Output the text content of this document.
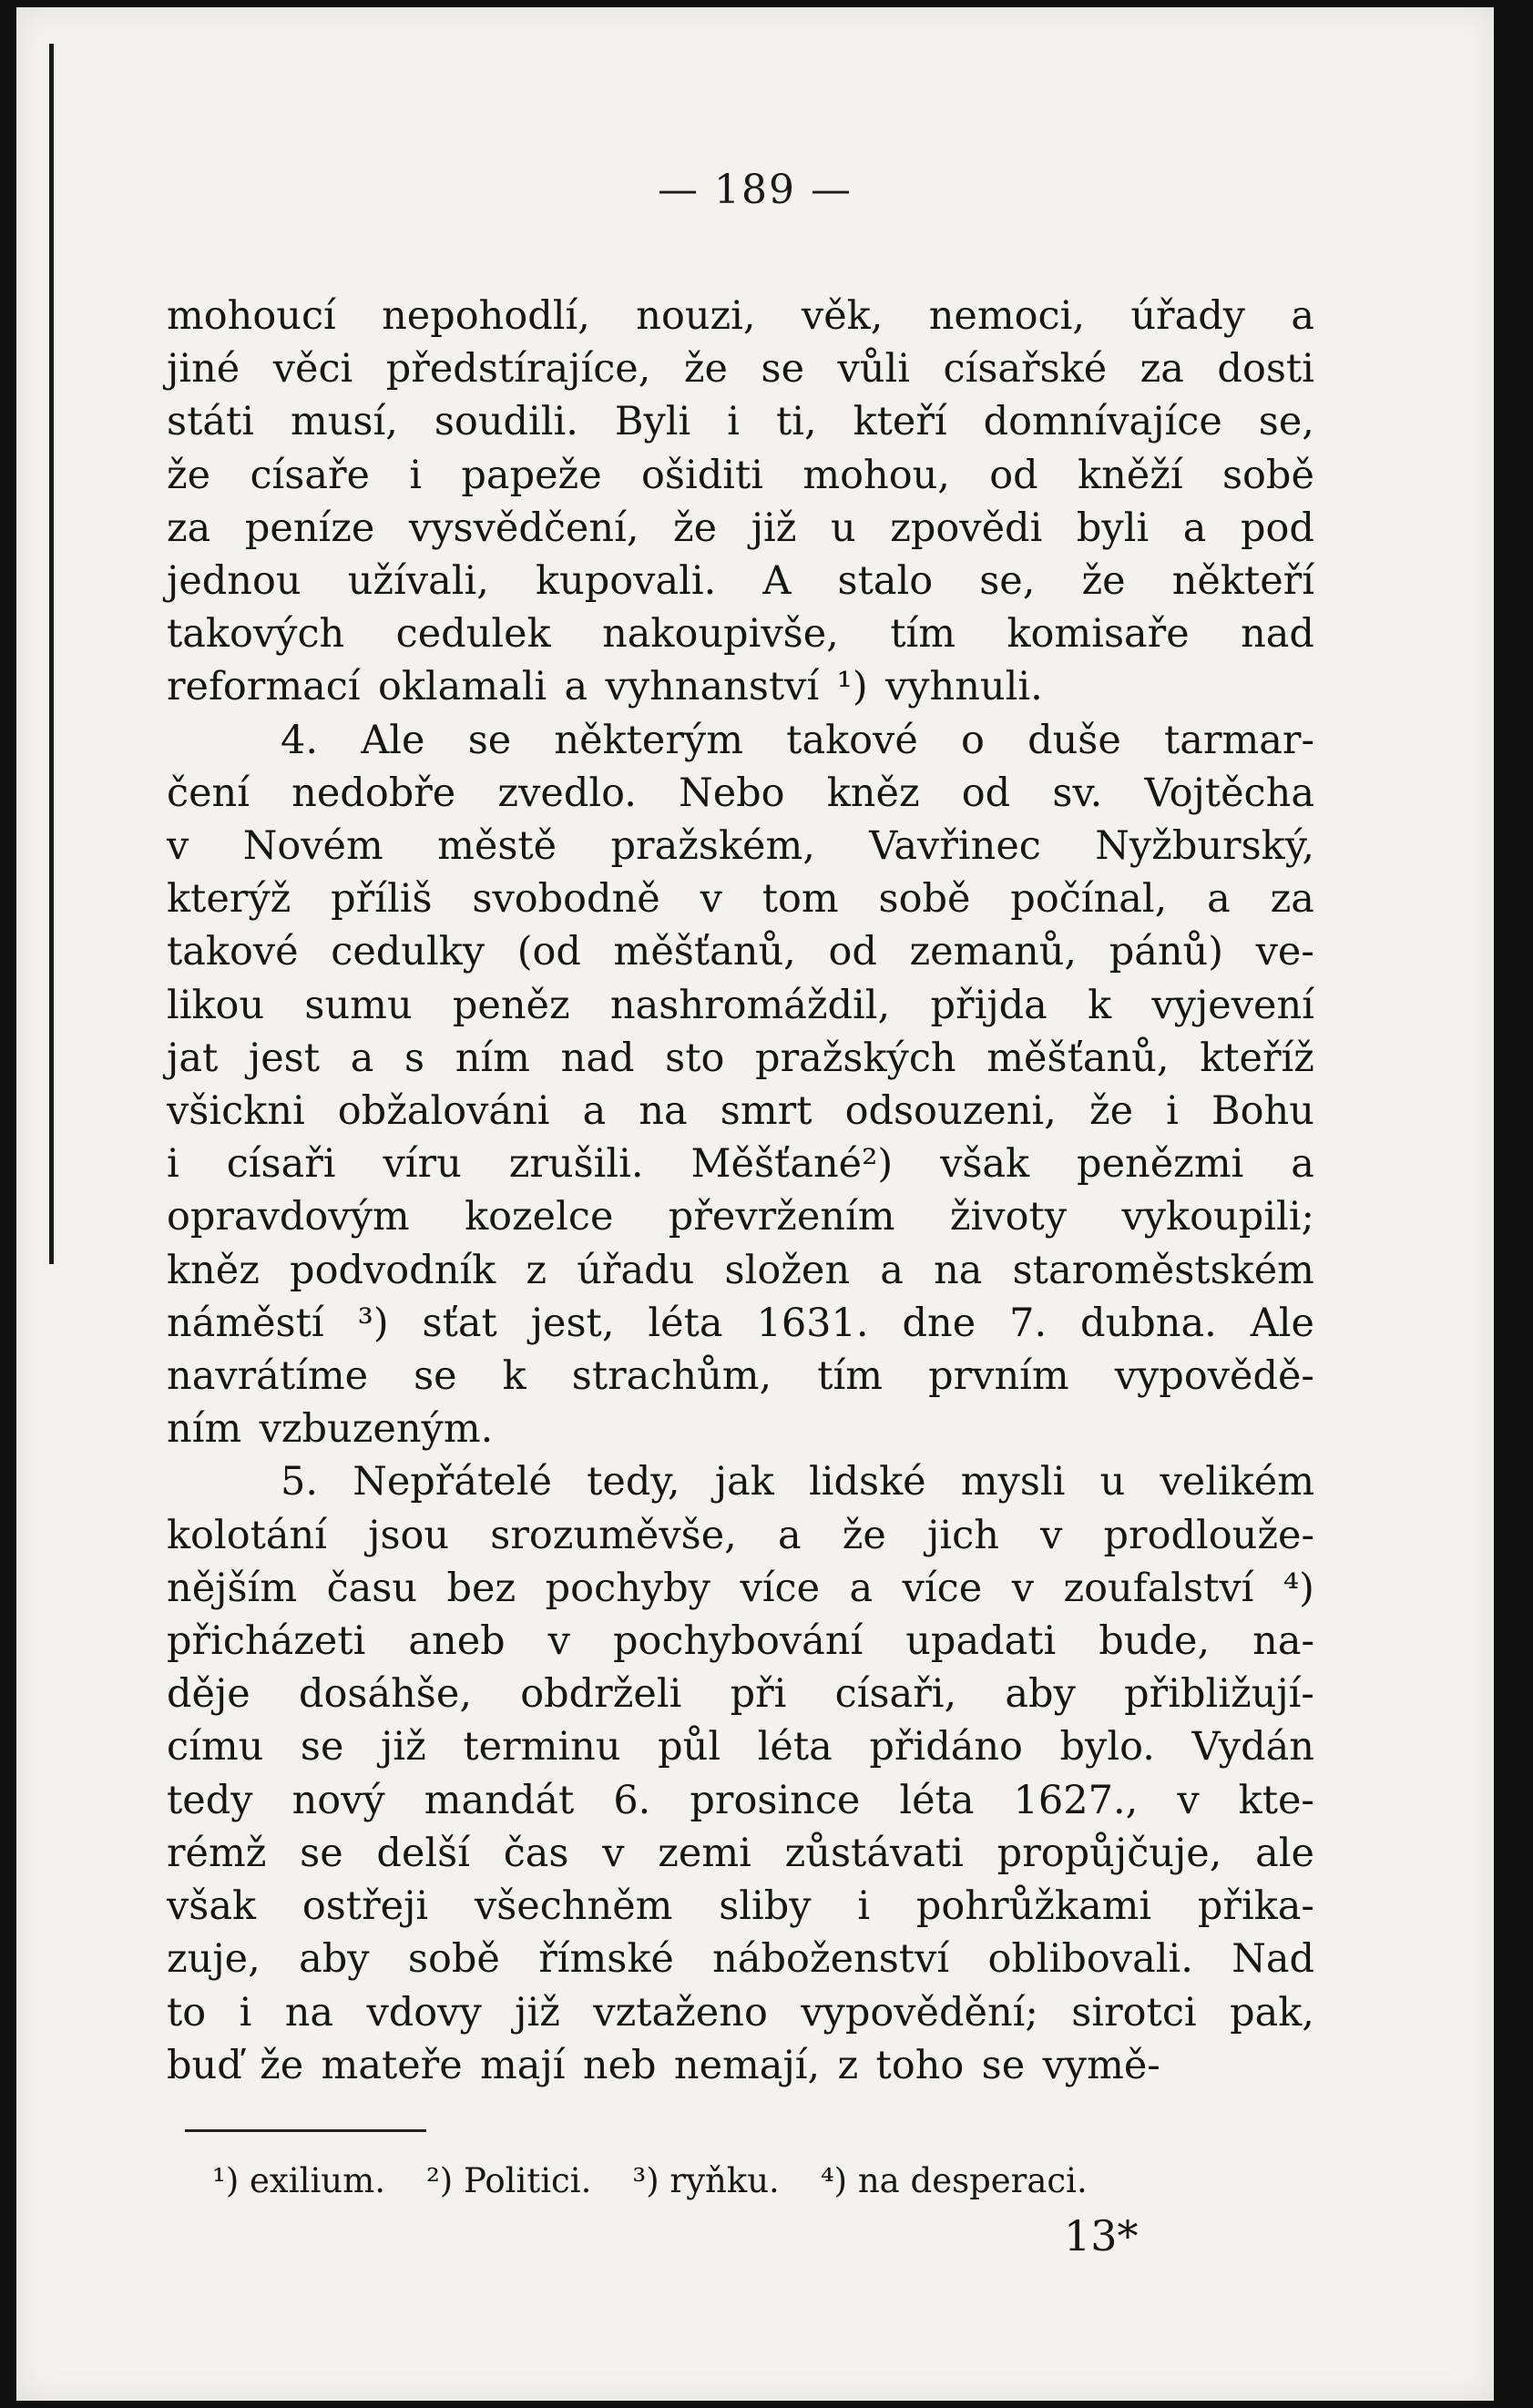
— 189 —
mohoucí nepohodlí, nouzi, věk, nemoci, úřady a
jiné věci předstírajíce, že se vůli císařské za dosti
státi musí, soudili. Byli i ti, kteří domnívajíce se,
že císaře i papeže ošiditi mohou, od kněží sobě
za peníze vysvědčení, že již u zpovědi byli a pod
jednou užívali, kupovali. A stalo se, že někteří
takových cedulek nakoupivše, tím komisaře nad
reformací oklamali a vyhnanství ¹) vyhnuli.
4. Ale se některým takové o duše tarmar-
čení nedobře zvedlo. Nebo kněz od sv. Vojtěcha
v Novém městě pražském, Vavřinec Nyžburský,
kterýž příliš svobodně v tom sobě počínal, a za
takové cedulky (od měšťanů, od zemanů, pánů) ve-
likou sumu peněz nashromáždil, přijda k vyjevení
jat jest a s ním nad sto pražských měšťanů, kteříž
všickni obžalováni a na smrt odsouzeni, že i Bohu
i císaři víru zrušili. Měšťané²) však penězmi a
opravdovým kozelce převržením životy vykoupili;
kněz podvodník z úřadu složen a na staroměstském
náměstí ³) sťat jest, léta 1631. dne 7. dubna. Ale
navrátíme se k strachům, tím prvním vypovědě-
ním vzbuzeným.
5. Nepřátelé tedy, jak lidské mysli u velikém
kolotání jsou srozuměvše, a že jich v prodlouže-
nějším času bez pochyby více a více v zoufalství ⁴)
přicházeti aneb v pochybování upadati bude, na-
děje dosáhše, obdrželi při císaři, aby přibližují-
címu se již terminu půl léta přidáno bylo. Vydán
tedy nový mandát 6. prosince léta 1627., v kte-
rémž se delší čas v zemi zůstávati propůjčuje, ale
však ostřeji všechněm sliby i pohrůžkami přika-
zuje, aby sobě římské náboženství oblibovali. Nad
to i na vdovy již vztaženo vypovědění; sirotci pak,
buď že mateře mají neb nemají, z toho se vymě-
¹) exilium. ²) Politici. ³) ryňku. ⁴) na desperaci.
13*
